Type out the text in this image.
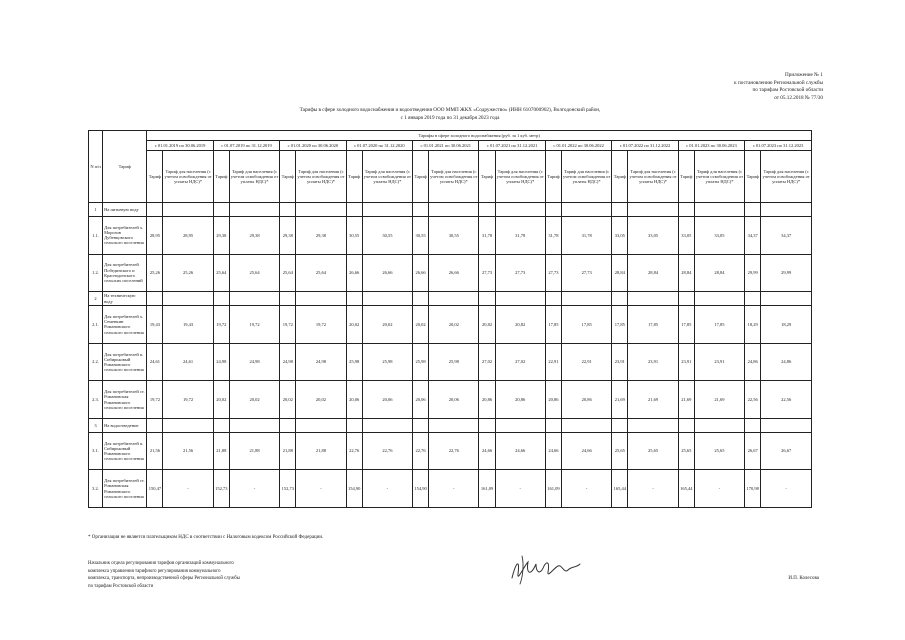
Приложение № 1
к постановлению Региональной службы
по тарифам Ростовской области
от 05.12.2018 № 77/30
Тарифы в сфере холодного водоснабжения и водоотведения ООО ММП ЖКХ «Содружество» (ИНН 6107000902), Волгодонский район,
с 1 января 2019 года по 31 декабря 2023 года
N п/п	Тариф	Тарифы в сфере холодного водоснабжения (руб. за 1 куб. метр)																			
		с 01.01.2019 по 30.06.2019		с 01.07.2019 по 31.12.2019		с 01.01.2020 по 30.06.2020		с 01.07.2020 по 31.12.2020		с 01.01.2021 по 30.06.2021		с 01.07.2021 по 31.12.2021		с 01.01.2022 по 30.06.2022		с 01.07.2022 по 31.12.2022		с 01.01.2023 по 30.06.2023		с 01.07.2023 по 31.12.2023	
		Тариф	Тариф для населения (с учетом освобождения от уплаты НДС)*	Тариф	Тариф для населения (с учетом освобождения от уплаты НДС)*	Тариф	Тариф для населения (с учетом освобождения от уплаты НДС)*	Тариф	Тариф для населения (с учетом освобождения от уплаты НДС)*	Тариф	Тариф для населения (с учетом освобождения от уплаты НДС)*	Тариф	Тариф для населения (с учетом освобождения от уплаты НДС)*	Тариф	Тариф для населения (с учетом освобождения от уплаты НДС)*	Тариф	Тариф для населения (с учетом освобождения от уплаты НДС)*	Тариф	Тариф для населения (с учетом освобождения от уплаты НДС)*	Тариф	Тариф для населения (с учетом освобождения от уплаты НДС)*
1	На питьевую воду																				
1.1.	Для потребителей х. Морозов Дубенцовского сельского поселения	28,95	28,95	29,38	29,38	29,38	29,38	30,55	30,55	30,55	30,55	31,78	31,78	31,78	31,78	33,05	33,05	33,05	33,05	34,37	34,37
1.2.	Для потребителей Побединского и Краснодонского сельских поселений	25,26	25,26	25,64	25,64	25,64	25,64	26,66	26,66	26,66	26,66	27,73	27,73	27,73	27,73	28,84	28,84	28,84	28,84	29,99	29,99
2	На техническую воду																				
2.1.	Для потребителей х. Семенкин Романовского сельского поселения	19,43	19,43	19,72	19,72	19,72	19,72	20,02	20,02	20,02	20,02	20,82	20,82	17,85	17,85	17,85	17,85	17,85	17,85	18,29	18,29
2.2.	Для потребителей п. Сибирьковый Романовского сельского поселения	24,61	24,61	24,98	24,98	24,98	24,98	25,98	25,98	25,98	25,98	27,02	27,02	22,91	22,91	23,91	23,91	23,91	23,91	24,86	24,86
2.3.	Для потребителей ст. Романовская Романовского сельского поселения	19,72	19,72	20,02	20,02	20,02	20,02	20,06	20,06	20,06	20,06	20,86	20,86	20,86	20,86	21,69	21,69	21,69	21,69	22,56	22,56
3	На водоотведение																				
3.1.	Для потребителей п. Сибирьковый Романовского сельского поселения	21,56	21,56	21,88	21,88	21,88	21,88	22,76	22,76	22,76	22,76	24,66	24,66	24,66	24,66	25,65	25,65	25,65	25,65	26,67	26,67
3.2.	Для потребителей ст. Романовская Романовского сельского поселения	150,47	-	152,73	-	152,73	-	154,90	-	154,90	-	161,09	-	161,09	-	165,44	-	165,44	-	170,98	-
* Организация не является плательщиком НДС в соответствии с Налоговым кодексом Российской Федерации.
Начальник отдела регулирования тарифов организаций коммунального
комплекса управления тарифного регулирования коммунального
комплекса, транспорта, непроизводственной сферы Региональной службы
по тарифам Ростовской области
И.П. Колесова
